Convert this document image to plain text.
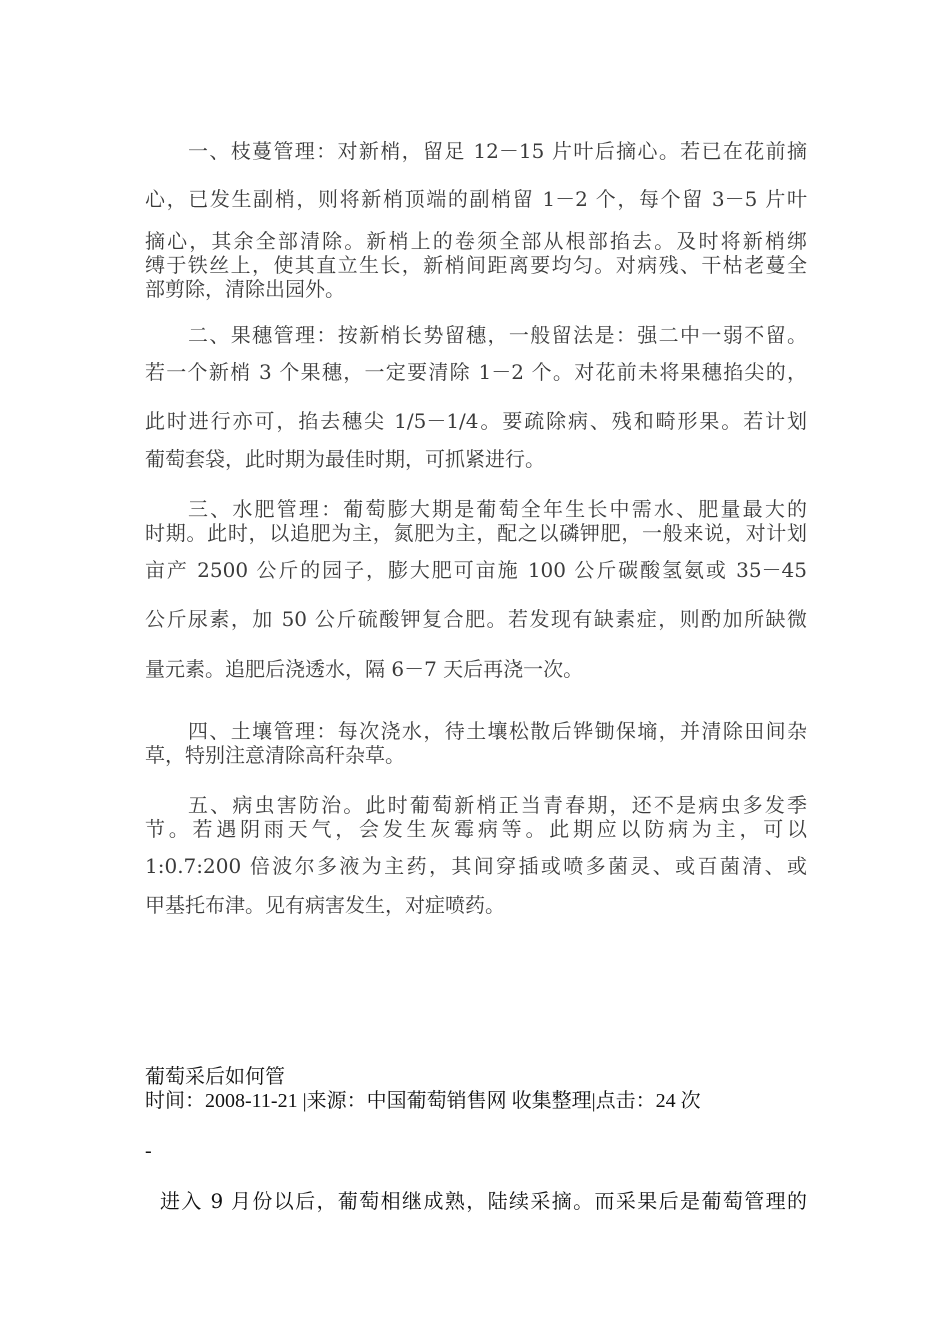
一、枝蔓管理：对新梢，留足 12－15 片叶后摘心。若已在花前摘
心，已发生副梢，则将新梢顶端的副梢留 1－2 个，每个留 3－5 片叶
摘心，其余全部清除。新梢上的卷须全部从根部掐去。及时将新梢绑
缚于铁丝上，使其直立生长，新梢间距离要均匀。对病残、干枯老蔓全
部剪除，清除出园外。
二、果穗管理：按新梢长势留穗，一般留法是：强二中一弱不留。
若一个新梢 3 个果穗，一定要清除 1－2 个。对花前未将果穗掐尖的，
此时进行亦可，掐去穗尖 1/5－1/4。要疏除病、残和畸形果。若计划
葡萄套袋，此时期为最佳时期，可抓紧进行。
三、水肥管理：葡萄膨大期是葡萄全年生长中需水、肥量最大的
时期。此时，以追肥为主，氮肥为主，配之以磷钾肥，一般来说，对计划
亩产 2500 公斤的园子，膨大肥可亩施 100 公斤碳酸氢氨或 35－45
公斤尿素，加 50 公斤硫酸钾复合肥。若发现有缺素症，则酌加所缺微
量元素。追肥后浇透水，隔 6－7 天后再浇一次。
四、土壤管理：每次浇水，待土壤松散后铧锄保墒，并清除田间杂
草，特别注意清除高秆杂草。
五、病虫害防治。此时葡萄新梢正当青春期，还不是病虫多发季
节。若遇阴雨天气，会发生灰霉病等。此期应以防病为主，可以
1:0.7:200 倍波尔多液为主药，其间穿插或喷多菌灵、或百菌清、或
甲基托布津。见有病害发生，对症喷药。
葡萄采后如何管
时间：2008-11-21 |来源：中国葡萄销售网 收集整理|点击：24 次
-
进入 9 月份以后，葡萄相继成熟，陆续采摘。而采果后是葡萄管理的
